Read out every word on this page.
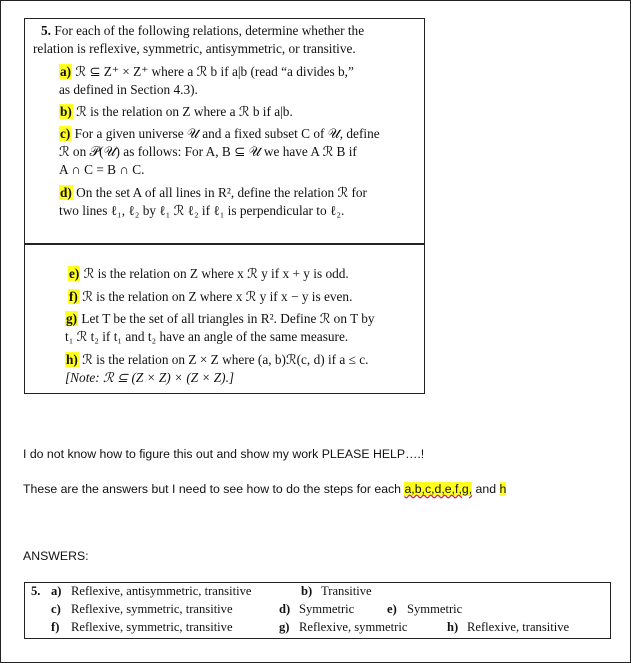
5. For each of the following relations, determine whether the
relation is reflexive, symmetric, antisymmetric, or transitive.
a) ℛ ⊆ Z⁺ × Z⁺ where a ℛ b if a|b (read “a divides b,”
as defined in Section 4.3).
b) ℛ is the relation on Z where a ℛ b if a|b.
c) For a given universe 𝒰 and a fixed subset C of 𝒰, define
ℛ on 𝒫(𝒰) as follows: For A, B ⊆ 𝒰 we have A ℛ B if
A ∩ C = B ∩ C.
d) On the set A of all lines in R², define the relation ℛ for
two lines ℓ₁, ℓ₂ by ℓ₁ ℛ ℓ₂ if ℓ₁ is perpendicular to ℓ₂.
e) ℛ is the relation on Z where x ℛ y if x + y is odd.
f) ℛ is the relation on Z where x ℛ y if x − y is even.
g) Let T be the set of all triangles in R². Define ℛ on T by
t₁ ℛ t₂ if t₁ and t₂ have an angle of the same measure.
h) ℛ is the relation on Z × Z where (a, b)ℛ(c, d) if a ≤ c.
[Note: ℛ ⊆ (Z × Z) × (Z × Z).]
I do not know how to figure this out and show my work PLEASE HELP….!
These are the answers but I need to see how to do the steps for each a,b,c,d,e,f,g, and h
ANSWERS:
5. a) Reflexive, antisymmetric, transitive	b) Transitive
c) Reflexive, symmetric, transitive	d) Symmetric	e) Symmetric
f) Reflexive, symmetric, transitive	g) Reflexive, symmetric	h) Reflexive, transitive
